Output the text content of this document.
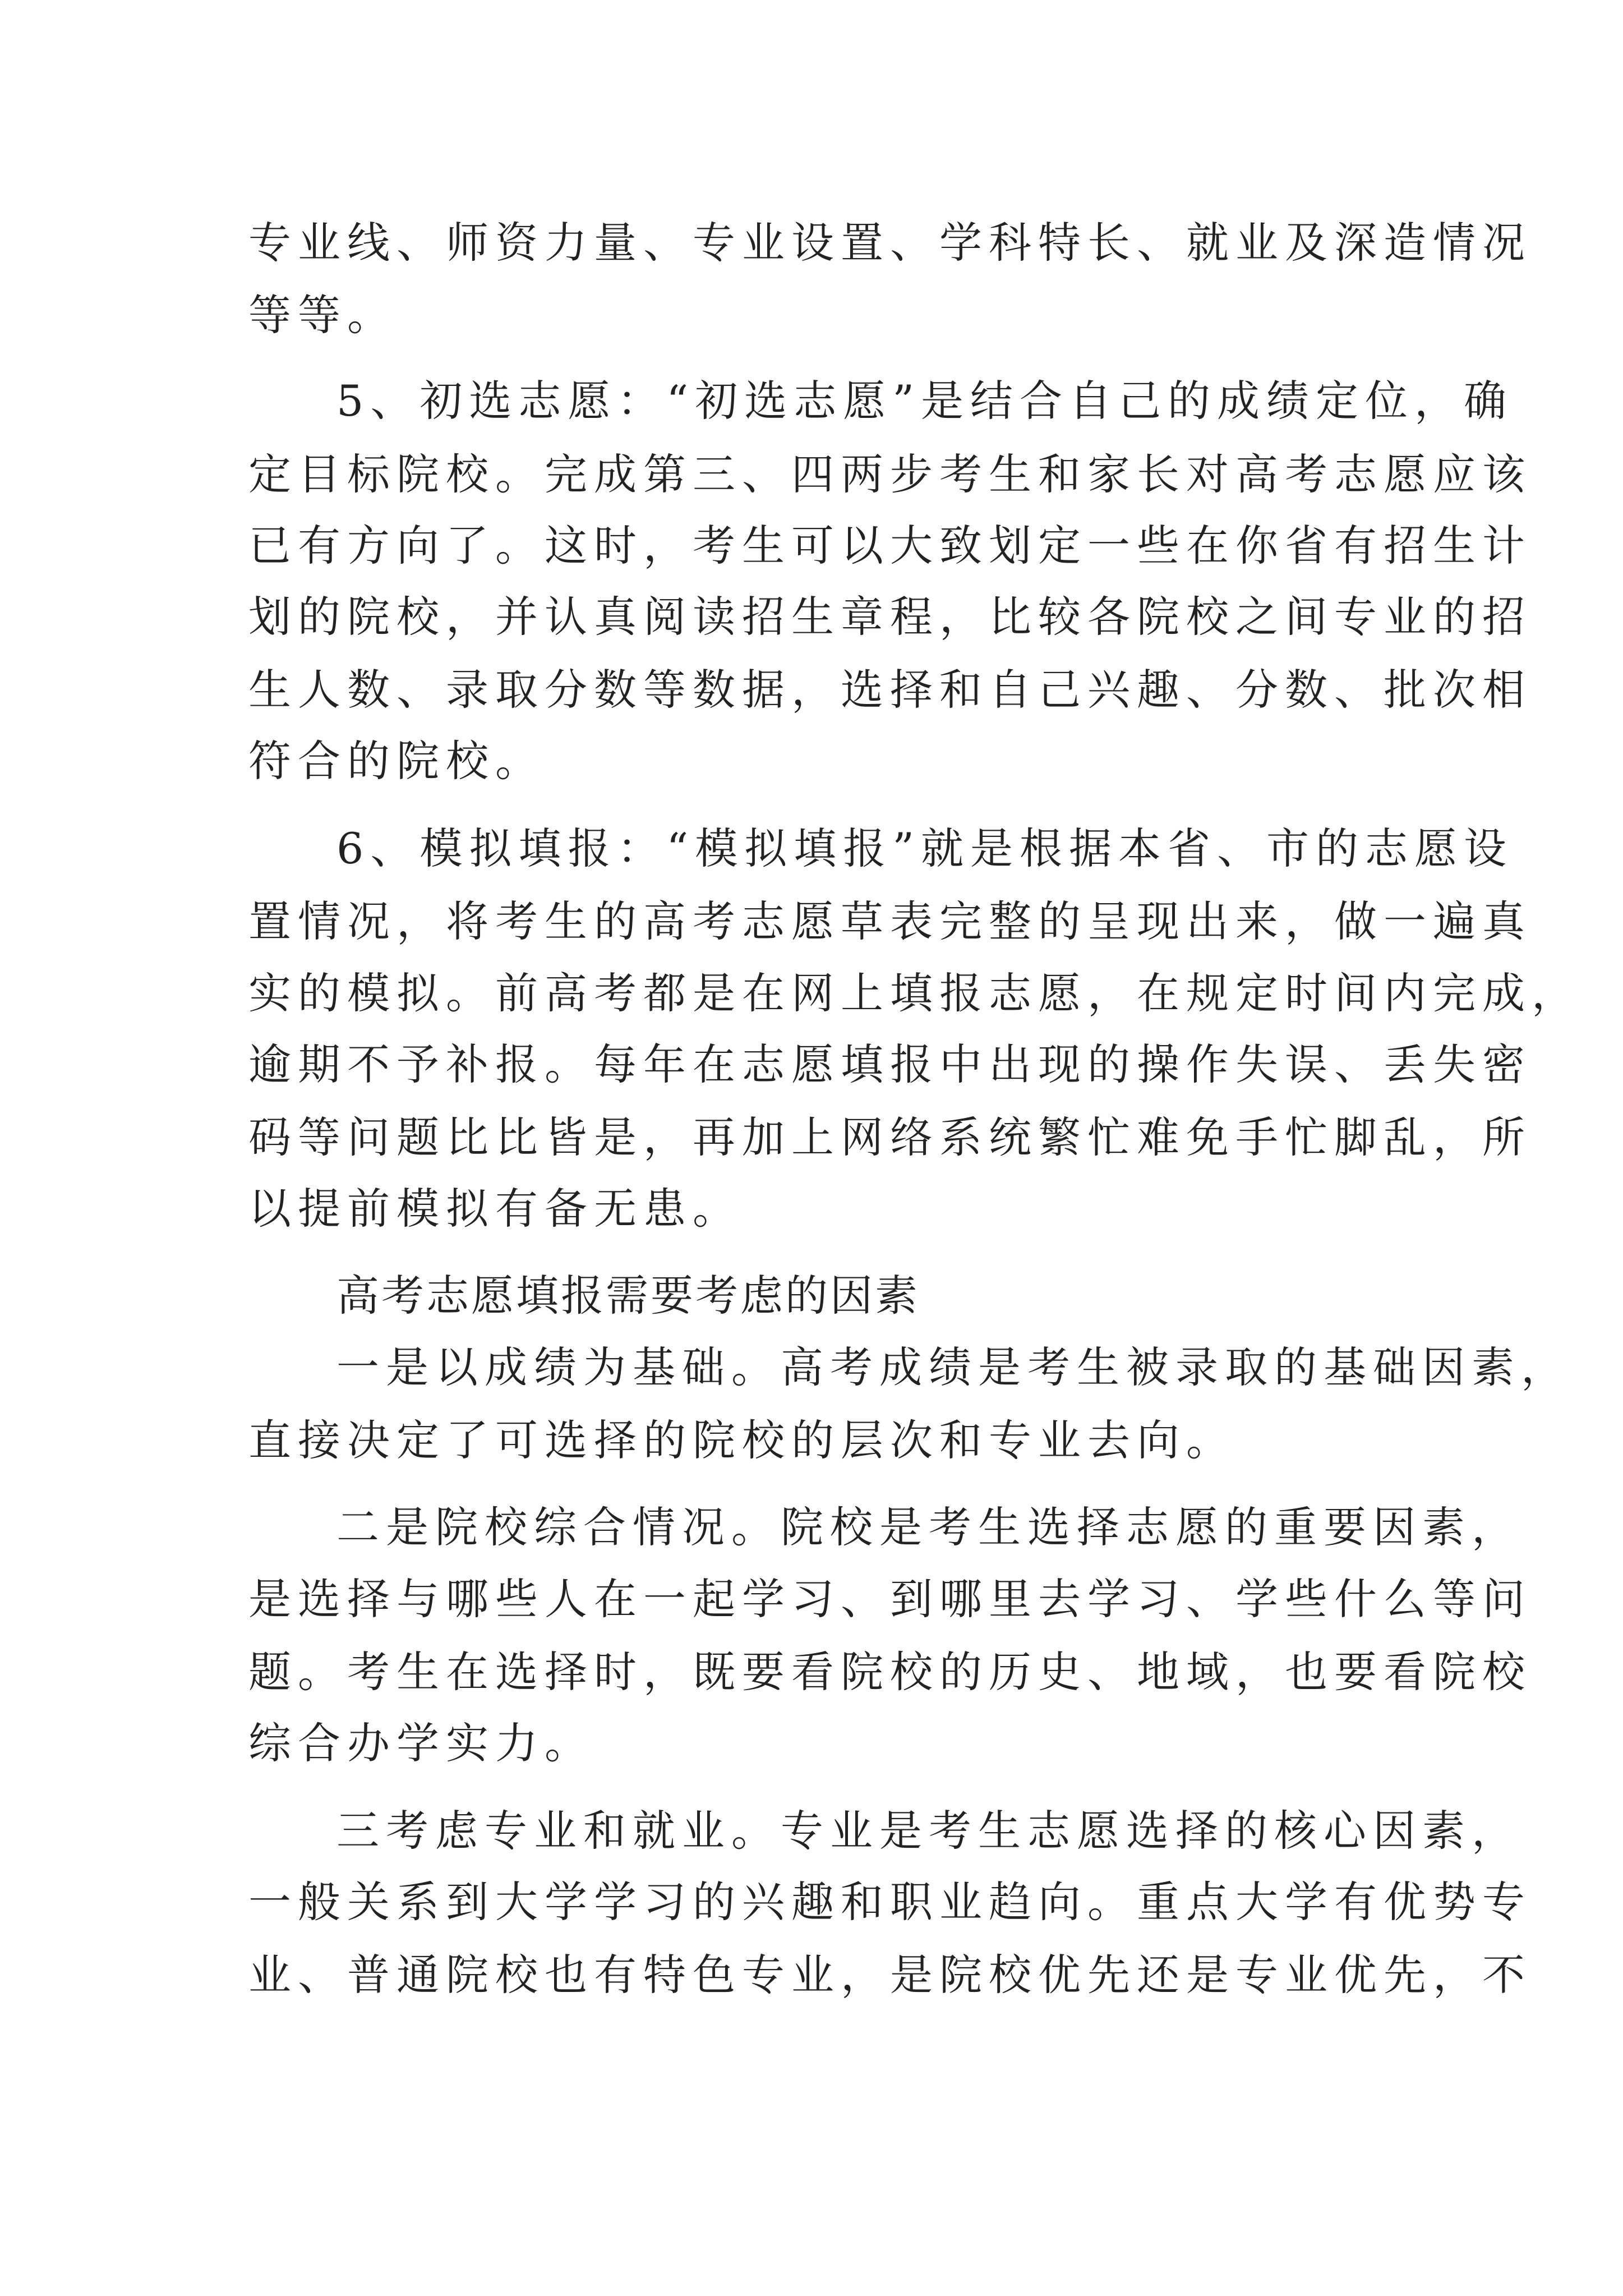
专业线、师资力量、专业设置、学科特长、就业及深造情况

等等。

5、初选志愿：“初选志愿”是结合自己的成绩定位，确

定目标院校。完成第三、四两步考生和家长对高考志愿应该

已有方向了。这时，考生可以大致划定一些在你省有招生计

划的院校，并认真阅读招生章程，比较各院校之间专业的招

生人数、录取分数等数据，选择和自己兴趣、分数、批次相

符合的院校。

6、模拟填报：“模拟填报”就是根据本省、市的志愿设

置情况，将考生的高考志愿草表完整的呈现出来，做一遍真

实的模拟。前高考都是在网上填报志愿，在规定时间内完成，

逾期不予补报。每年在志愿填报中出现的操作失误、丢失密

码等问题比比皆是，再加上网络系统繁忙难免手忙脚乱，所

以提前模拟有备无患。

高考志愿填报需要考虑的因素

一是以成绩为基础。高考成绩是考生被录取的基础因素，

直接决定了可选择的院校的层次和专业去向。

二是院校综合情况。院校是考生选择志愿的重要因素，

是选择与哪些人在一起学习、到哪里去学习、学些什么等问

题。考生在选择时，既要看院校的历史、地域，也要看院校

综合办学实力。

三考虑专业和就业。专业是考生志愿选择的核心因素，

一般关系到大学学习的兴趣和职业趋向。重点大学有优势专

业、普通院校也有特色专业，是院校优先还是专业优先，不
